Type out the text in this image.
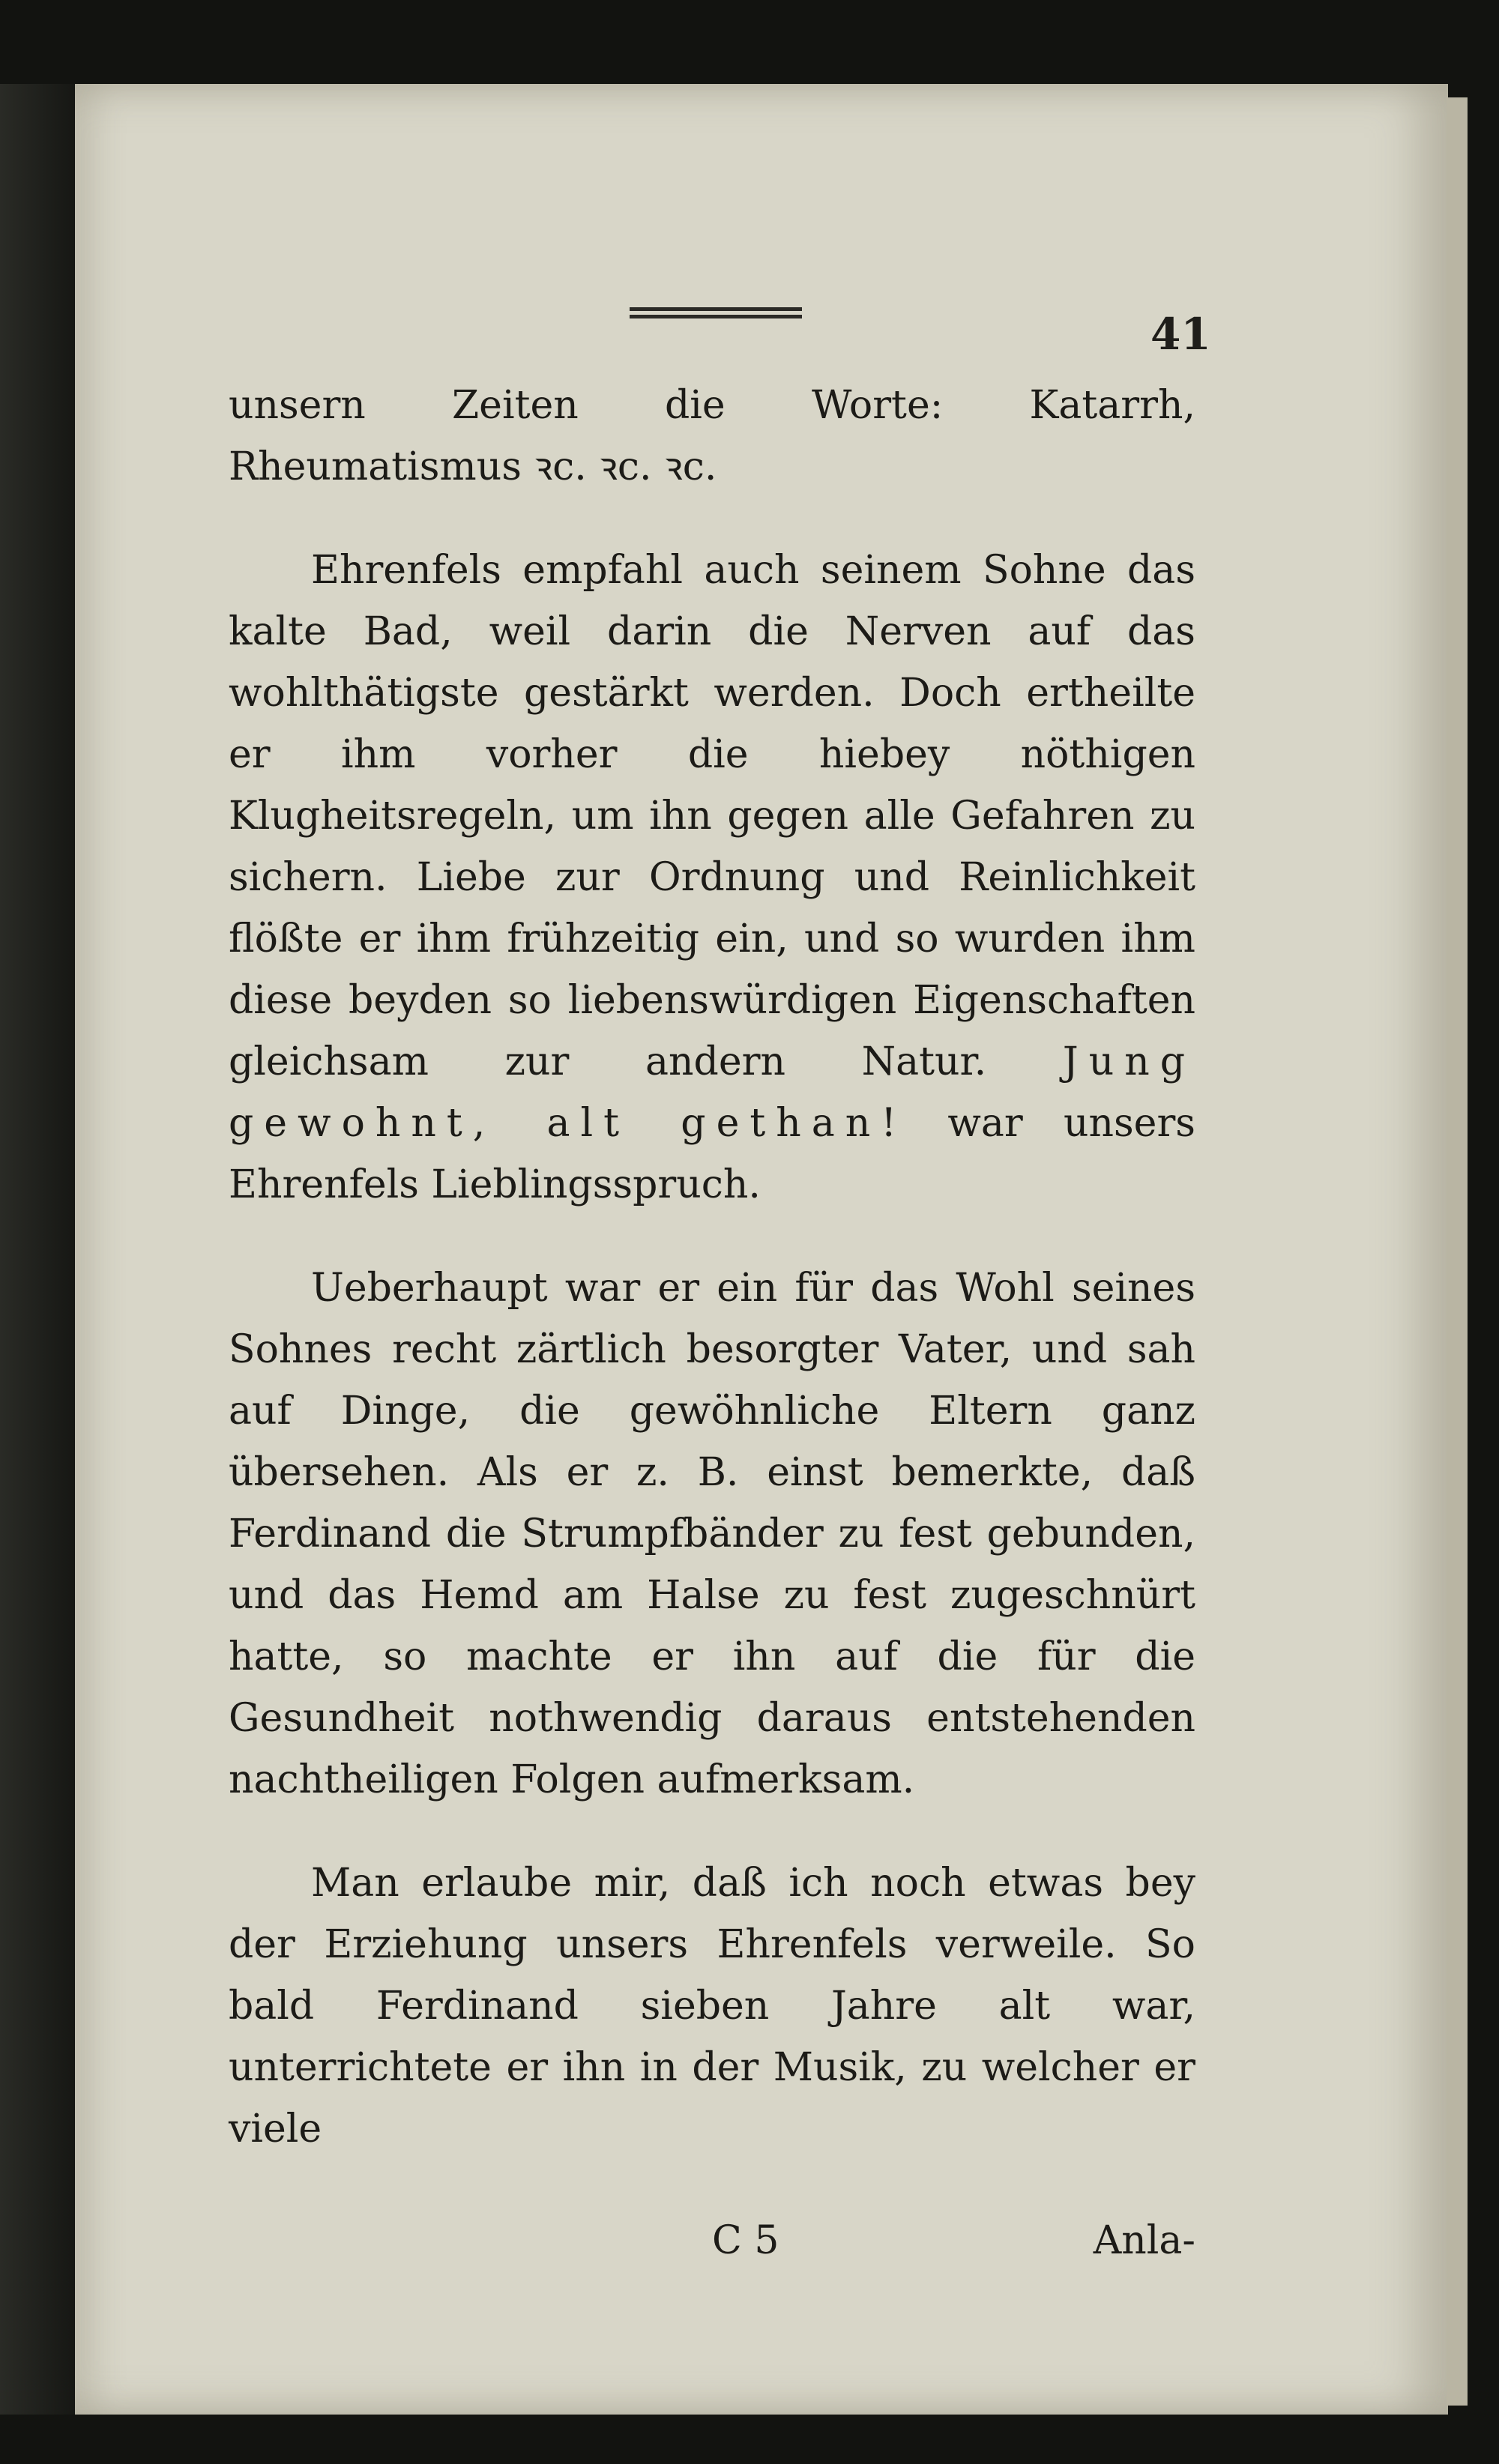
41

unsern Zeiten die Worte: Katarrh, Rheumatismus ꝛc. ꝛc. ꝛc.

Ehrenfels empfahl auch seinem Sohne das kalte Bad, weil darin die Nerven auf das wohlthätigste gestärkt werden. Doch ertheilte er ihm vorher die hiebey nöthigen Klugheitsregeln, um ihn gegen alle Gefahren zu sichern. Liebe zur Ordnung und Reinlichkeit flößte er ihm frühzeitig ein, und so wurden ihm diese beyden so liebenswürdigen Eigenschaften gleichsam zur andern Natur. Jung gewohnt, alt gethan! war unsers Ehrenfels Lieblingsspruch.

Ueberhaupt war er ein für das Wohl seines Sohnes recht zärtlich besorgter Vater, und sah auf Dinge, die gewöhnliche Eltern ganz übersehen. Als er z. B. einst bemerkte, daß Ferdinand die Strumpfbänder zu fest gebunden, und das Hemd am Halse zu fest zugeschnürt hatte, so machte er ihn auf die für die Gesundheit nothwendig daraus entstehenden nachtheiligen Folgen aufmerksam.

Man erlaube mir, daß ich noch etwas bey der Erziehung unsers Ehrenfels verweile. So bald Ferdinand sieben Jahre alt war, unterrichtete er ihn in der Musik, zu welcher er viele

C 5	Anla-
